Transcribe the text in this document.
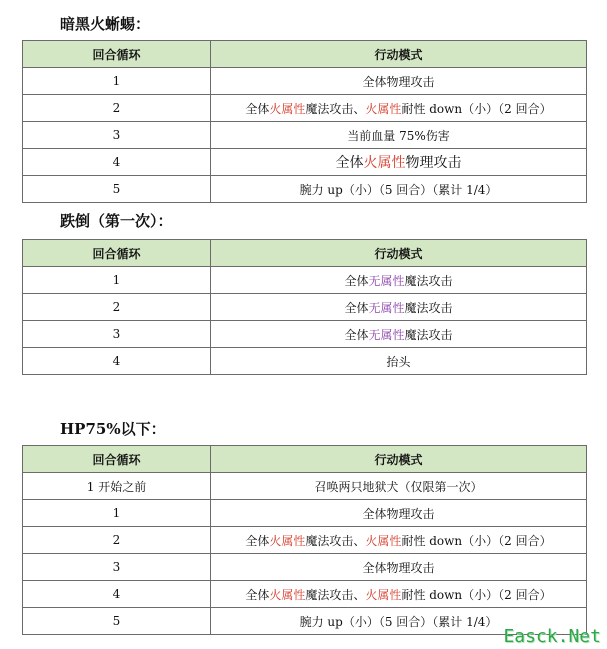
暗黑火蜥蜴：
回合循环	行动模式
1	全体物理攻击
2	全体火属性魔法攻击、火属性耐性 down（小）（2 回合）
3	当前血量 75%伤害
4	全体火属性物理攻击
5	腕力 up（小）（5 回合）（累计 1/4）
跌倒（第一次）：
回合循环	行动模式
1	全体无属性魔法攻击
2	全体无属性魔法攻击
3	全体无属性魔法攻击
4	抬头
HP75%以下：
回合循环	行动模式
1 开始之前	召唤两只地狱犬（仅限第一次）
1	全体物理攻击
2	全体火属性魔法攻击、火属性耐性 down（小）（2 回合）
3	全体物理攻击
4	全体火属性魔法攻击、火属性耐性 down（小）（2 回合）
5	腕力 up（小）（5 回合）（累计 1/4）
Easck.Net
